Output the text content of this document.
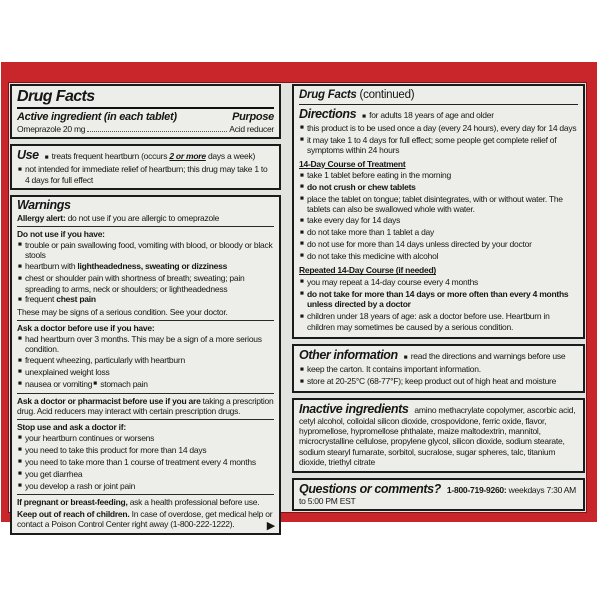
Drug Facts
Active ingredient (in each tablet)	Purpose
Omeprazole 20 mg	Acid reducer
Use ■ treats frequent heartburn (occurs 2 or more days a week)
■ not intended for immediate relief of heartburn; this drug may take 1 to 4 days for full effect
Warnings
Allergy alert: do not use if you are allergic to omeprazole
Do not use if you have:
■ trouble or pain swallowing food, vomiting with blood, or bloody or black stools
■ heartburn with lightheadedness, sweating or dizziness
■ chest or shoulder pain with shortness of breath; sweating; pain spreading to arms, neck or shoulders; or lightheadedness
■ frequent chest pain
These may be signs of a serious condition. See your doctor.
Ask a doctor before use if you have:
■ had heartburn over 3 months. This may be a sign of a more serious condition.
■ frequent wheezing, particularly with heartburn
■ unexplained weight loss
■ nausea or vomiting ■ stomach pain
Ask a doctor or pharmacist before use if you are taking a prescription drug. Acid reducers may interact with certain prescription drugs.
Stop use and ask a doctor if:
■ your heartburn continues or worsens
■ you need to take this product for more than 14 days
■ you need to take more than 1 course of treatment every 4 months
■ you get diarrhea
■ you develop a rash or joint pain
If pregnant or breast-feeding, ask a health professional before use.
Keep out of reach of children. In case of overdose, get medical help or contact a Poison Control Center right away (1-800-222-1222).	▶
Drug Facts (continued)
Directions ■ for adults 18 years of age and older
■ this product is to be used once a day (every 24 hours), every day for 14 days
■ it may take 1 to 4 days for full effect; some people get complete relief of symptoms within 24 hours
14-Day Course of Treatment
■ take 1 tablet before eating in the morning
■ do not crush or chew tablets
■ place the tablet on tongue; tablet disintegrates, with or without water. The tablets can also be swallowed whole with water.
■ take every day for 14 days
■ do not take more than 1 tablet a day
■ do not use for more than 14 days unless directed by your doctor
■ do not take this medicine with alcohol
Repeated 14-Day Course (if needed)
■ you may repeat a 14-day course every 4 months
■ do not take for more than 14 days or more often than every 4 months unless directed by a doctor
■ children under 18 years of age: ask a doctor before use. Heartburn in children may sometimes be caused by a serious condition.
Other information ■ read the directions and warnings before use
■ keep the carton. It contains important information.
■ store at 20-25°C (68-77°F); keep product out of high heat and moisture
Inactive ingredients amino methacrylate copolymer, ascorbic acid, cetyl alcohol, colloidal silicon dioxide, crospovidone, ferric oxide, flavor, hypromellose, hypromellose phthalate, maize maltodextrin, mannitol, microcrystalline cellulose, propylene glycol, silicon dioxide, sodium stearate, sodium stearyl fumarate, sorbitol, sucralose, sugar spheres, talc, titanium dioxide, triethyl citrate
Questions or comments? 1-800-719-9260: weekdays 7:30 AM to 5:00 PM EST
